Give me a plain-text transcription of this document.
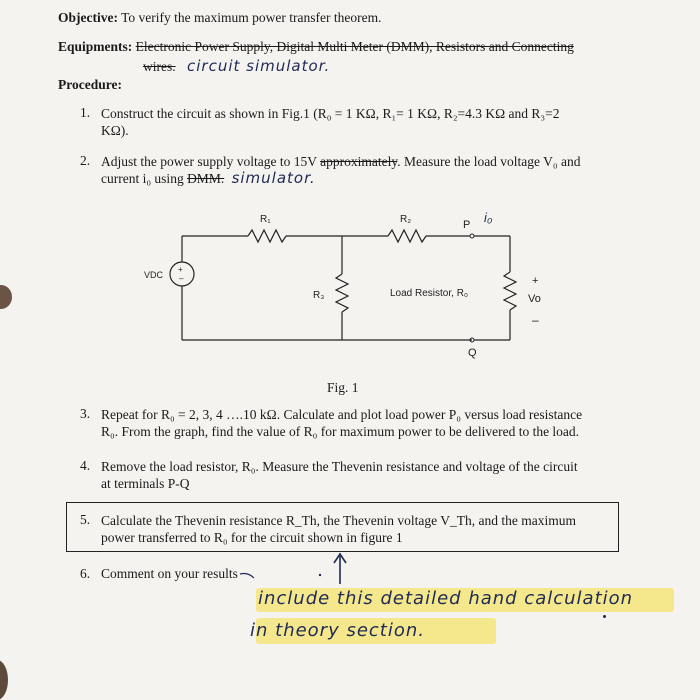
Objective: To verify the maximum power transfer theorem.
Equipments: Electronic Power Supply, Digital Multi Meter (DMM), Resistors and Connecting
wires. circuit simulator.
Procedure:
1. Construct the circuit as shown in Fig.1 (R₀ = 1 KΩ, R₁= 1 KΩ, R₂=4.3 KΩ and R₃=2
KΩ).
2. Adjust the power supply voltage to 15V approximately. Measure the load voltage V₀ and
current i₀ using DMM. simulator.
+
–
R₁	R₂
R₃
VDC
Load Resistor, R₀
P i₀
+
Vo
–
Q
Fig. 1
3. Repeat for R₀ = 2, 3, 4 ….10 kΩ. Calculate and plot load power P₀ versus load resistance
R₀. From the graph, find the value of R₀ for maximum power to be delivered to the load.
4. Remove the load resistor, R₀. Measure the Thevenin resistance and voltage of the circuit
at terminals P-Q
5. Calculate the Thevenin resistance R_Th, the Thevenin voltage V_Th, and the maximum
power transferred to R₀ for the circuit shown in figure 1
6. Comment on your results
include this detailed hand calculation
in theory section.
